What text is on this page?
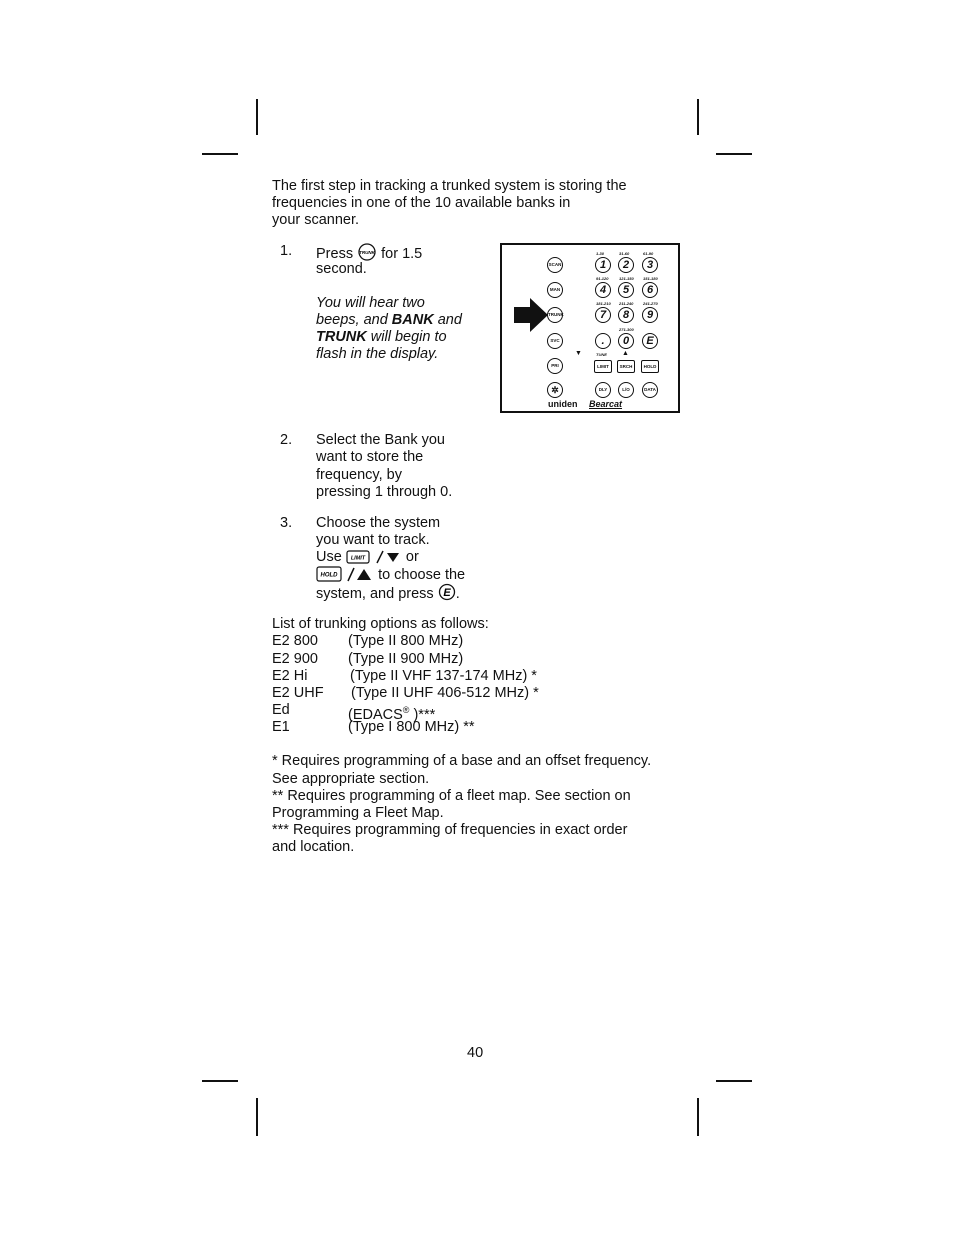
The first step in tracking a trunked system is storing the
frequencies in one of the 10 available banks in
your scanner.
1. Press TRUNK for 1.5
second.
You will hear two
beeps, and BANK and
TRUNK will begin to
flash in the display.
SCAN	1
1-30
2
31-60
3
61-90
MAN	4
91-120
5
121-150
6
151-180
TRUNK	7
181-210
8
211-240
9
241-270
SVC	.	0
271-300
E
PRI	LIMIT
TUNE
SRCH	HOLD
✲	DLY	L/O	DATA
▼	▲
uniden Bearcat
2. Select the Bank you
want to store the
frequency, by
pressing 1 through 0.
3. Choose the system
you want to track.
Use LIMIT	or
HOLD	to choose the
system, and press E .
List of trunking options as follows:
E2 800 (Type II 800 MHz)
E2 900 (Type II 900 MHz)
E2 Hi	(Type II VHF 137-174 MHz) *
E2 UHF (Type II UHF 406-512 MHz) *
Ed	(EDACS® )***
E1	(Type I 800 MHz) **
* Requires programming of a base and an offset frequency.
See appropriate section.
** Requires programming of a fleet map. See section on
Programming a Fleet Map.
*** Requires programming of frequencies in exact order
and location.
40
